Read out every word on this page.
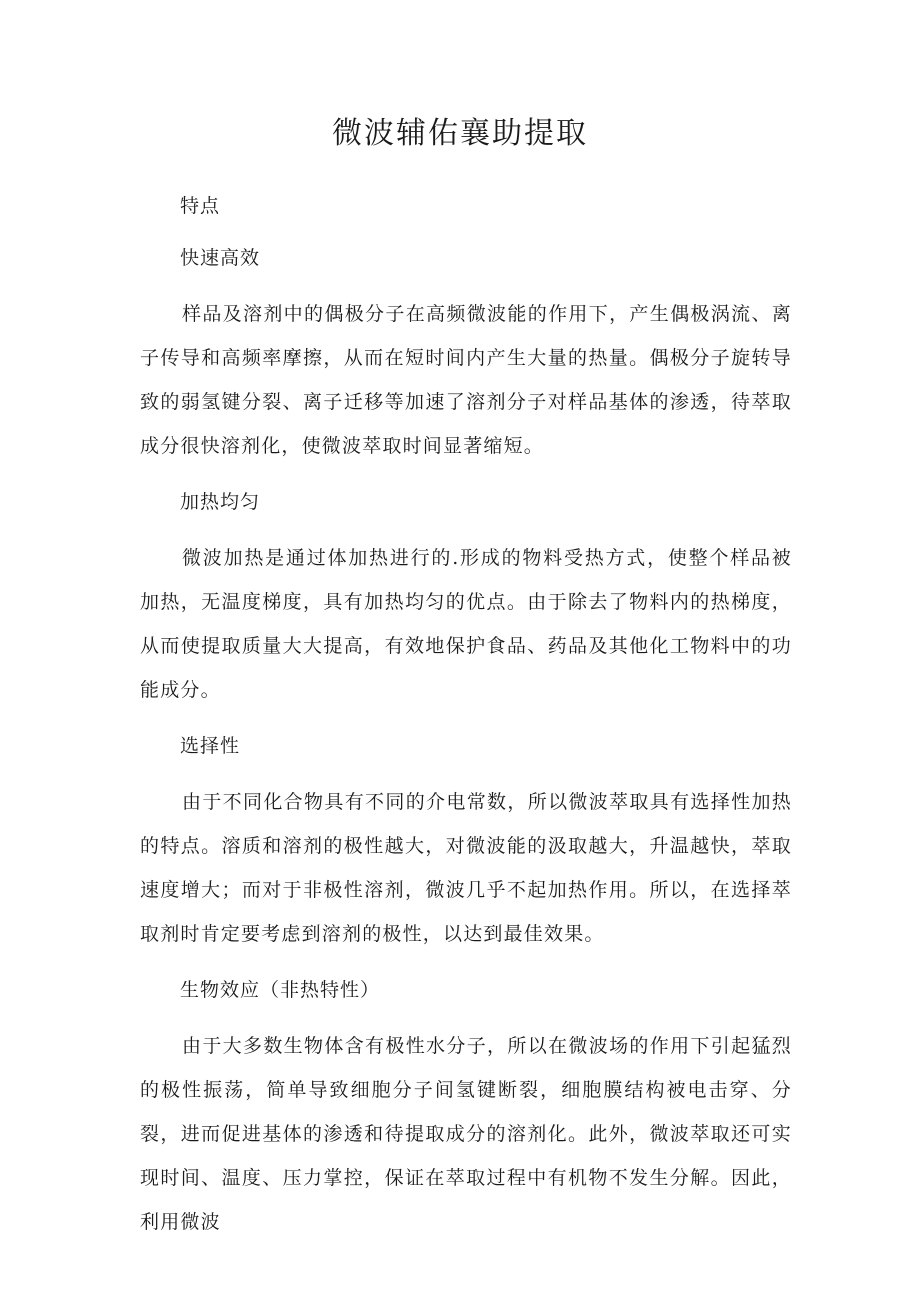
微波辅佑襄助提取

特点

快速高效

样品及溶剂中的偶极分子在高频微波能的作用下，产生偶极涡流、离子传导和高频率摩擦，从而在短时间内产生大量的热量。偶极分子旋转导致的弱氢键分裂、离子迁移等加速了溶剂分子对样品基体的渗透，待萃取成分很快溶剂化，使微波萃取时间显著缩短。

加热均匀

微波加热是通过体加热进行的.形成的物料受热方式，使整个样品被加热，无温度梯度，具有加热均匀的优点。由于除去了物料内的热梯度，从而使提取质量大大提高，有效地保护食品、药品及其他化工物料中的功能成分。

选择性

由于不同化合物具有不同的介电常数，所以微波萃取具有选择性加热的特点。溶质和溶剂的极性越大，对微波能的汲取越大，升温越快，萃取速度增大；而对于非极性溶剂，微波几乎不起加热作用。所以，在选择萃取剂时肯定要考虑到溶剂的极性，以达到最佳效果。

生物效应（非热特性）

由于大多数生物体含有极性水分子，所以在微波场的作用下引起猛烈的极性振荡，简单导致细胞分子间氢键断裂，细胞膜结构被电击穿、分裂，进而促进基体的渗透和待提取成分的溶剂化。此外，微波萃取还可实现时间、温度、压力掌控，保证在萃取过程中有机物不发生分解。因此，利用微波
